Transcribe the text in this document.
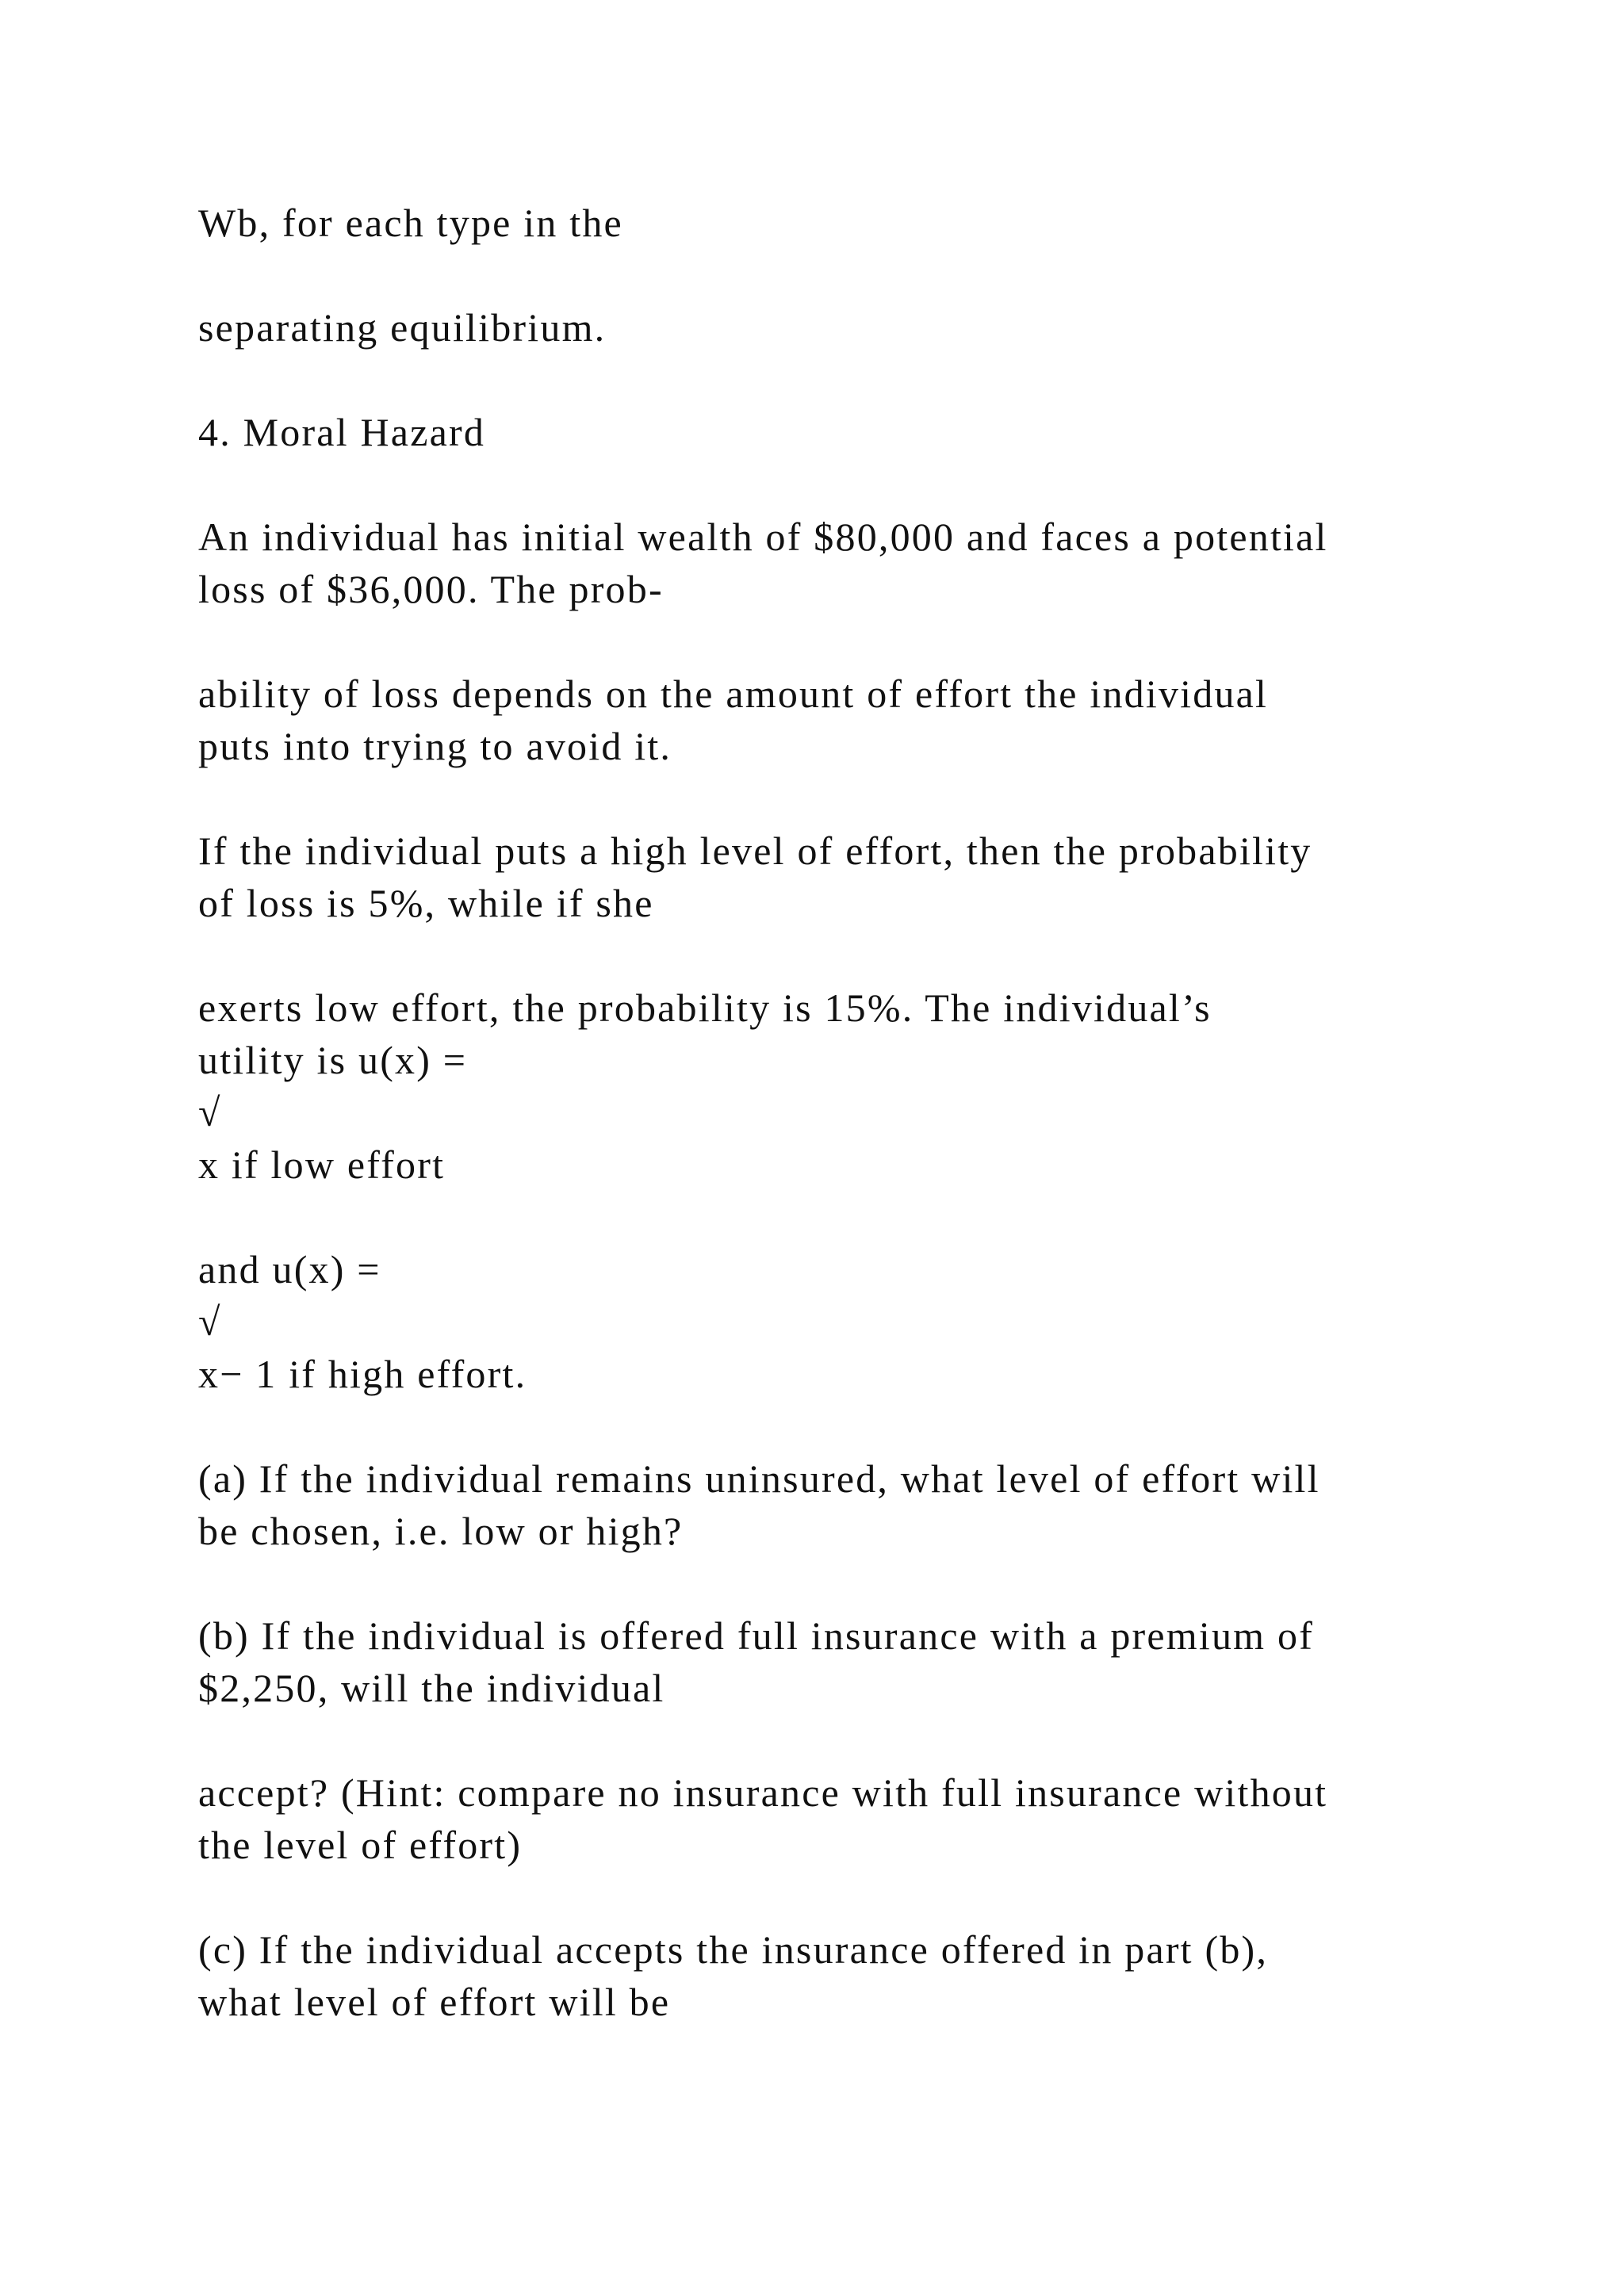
Wb, for each type in the
separating equilibrium.
4. Moral Hazard
An individual has initial wealth of $80,000 and faces a potential
loss of $36,000. The prob-
ability of loss depends on the amount of effort the individual
puts into trying to avoid it.
If the individual puts a high level of effort, then the probability
of loss is 5%, while if she
exerts low effort, the probability is 15%. The individual’s
utility is u(x) =
√
x if low effort
and u(x) =
√
x− 1 if high effort.
(a) If the individual remains uninsured, what level of effort will
be chosen, i.e. low or high?
(b) If the individual is offered full insurance with a premium of
$2,250, will the individual
accept? (Hint: compare no insurance with full insurance without
the level of effort)
(c) If the individual accepts the insurance offered in part (b),
what level of effort will be
